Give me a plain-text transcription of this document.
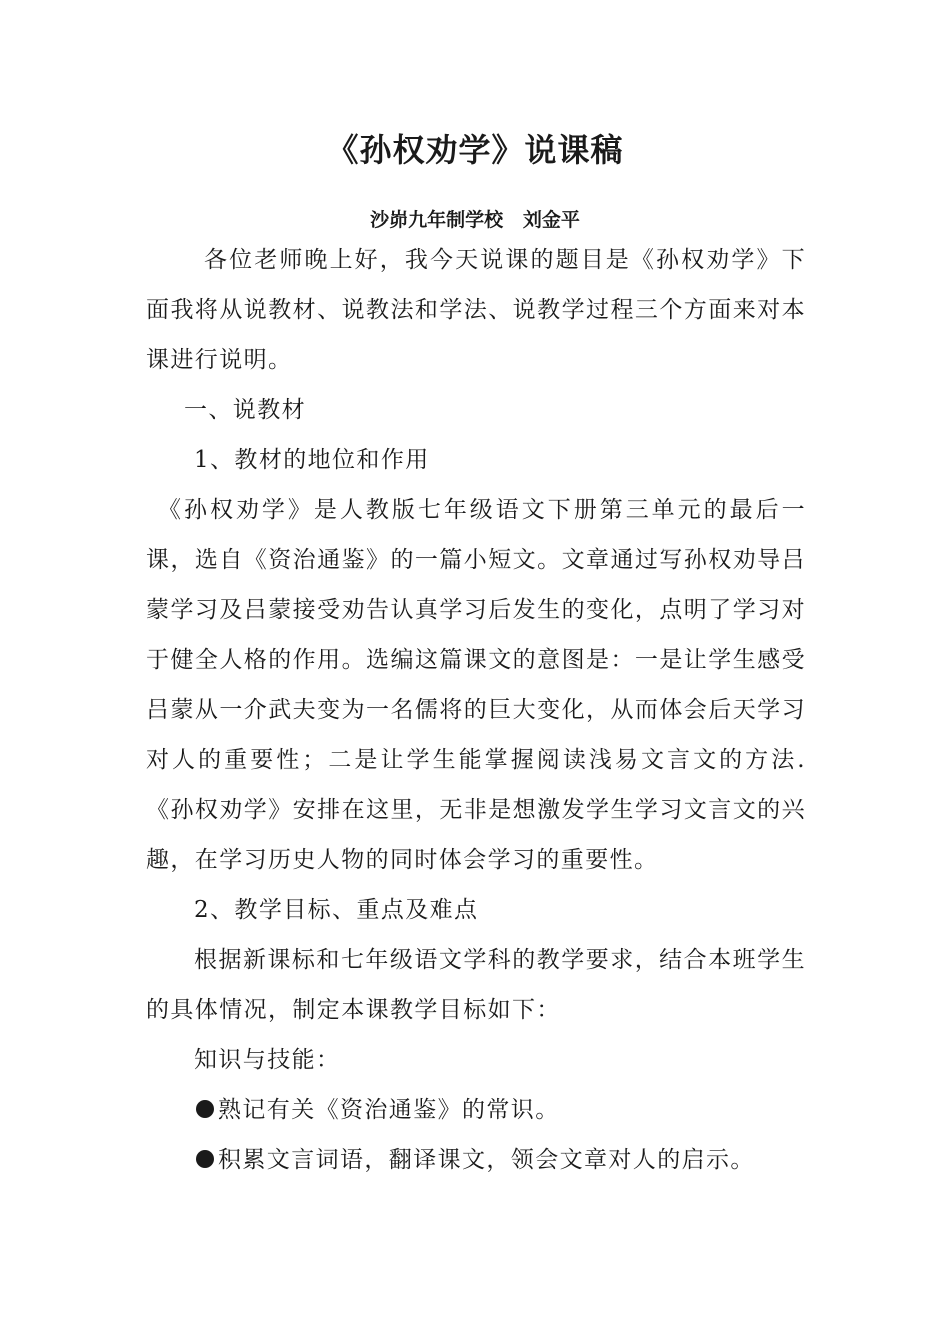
《孙权劝学》说课稿
沙峁九年制学校   刘金平

各位老师晚上好，我今天说课的题目是《孙权劝学》下面我将从说教材、说教法和学法、说教学过程三个方面来对本课进行说明。

一、说教材

1、教材的地位和作用

《孙权劝学》是人教版七年级语文下册第三单元的最后一课，选自《资治通鉴》的一篇小短文。文章通过写孙权劝导吕蒙学习及吕蒙接受劝告认真学习后发生的变化，点明了学习对于健全人格的作用。选编这篇课文的意图是：一是让学生感受吕蒙从一介武夫变为一名儒将的巨大变化，从而体会后天学习对人的重要性；二是让学生能掌握阅读浅易文言文的方法.《孙权劝学》安排在这里，无非是想激发学生学习文言文的兴趣，在学习历史人物的同时体会学习的重要性。

2、教学目标、重点及难点

根据新课标和七年级语文学科的教学要求，结合本班学生的具体情况，制定本课教学目标如下：

知识与技能：

熟记有关《资治通鉴》的常识。

积累文言词语，翻译课文，领会文章对人的启示。
